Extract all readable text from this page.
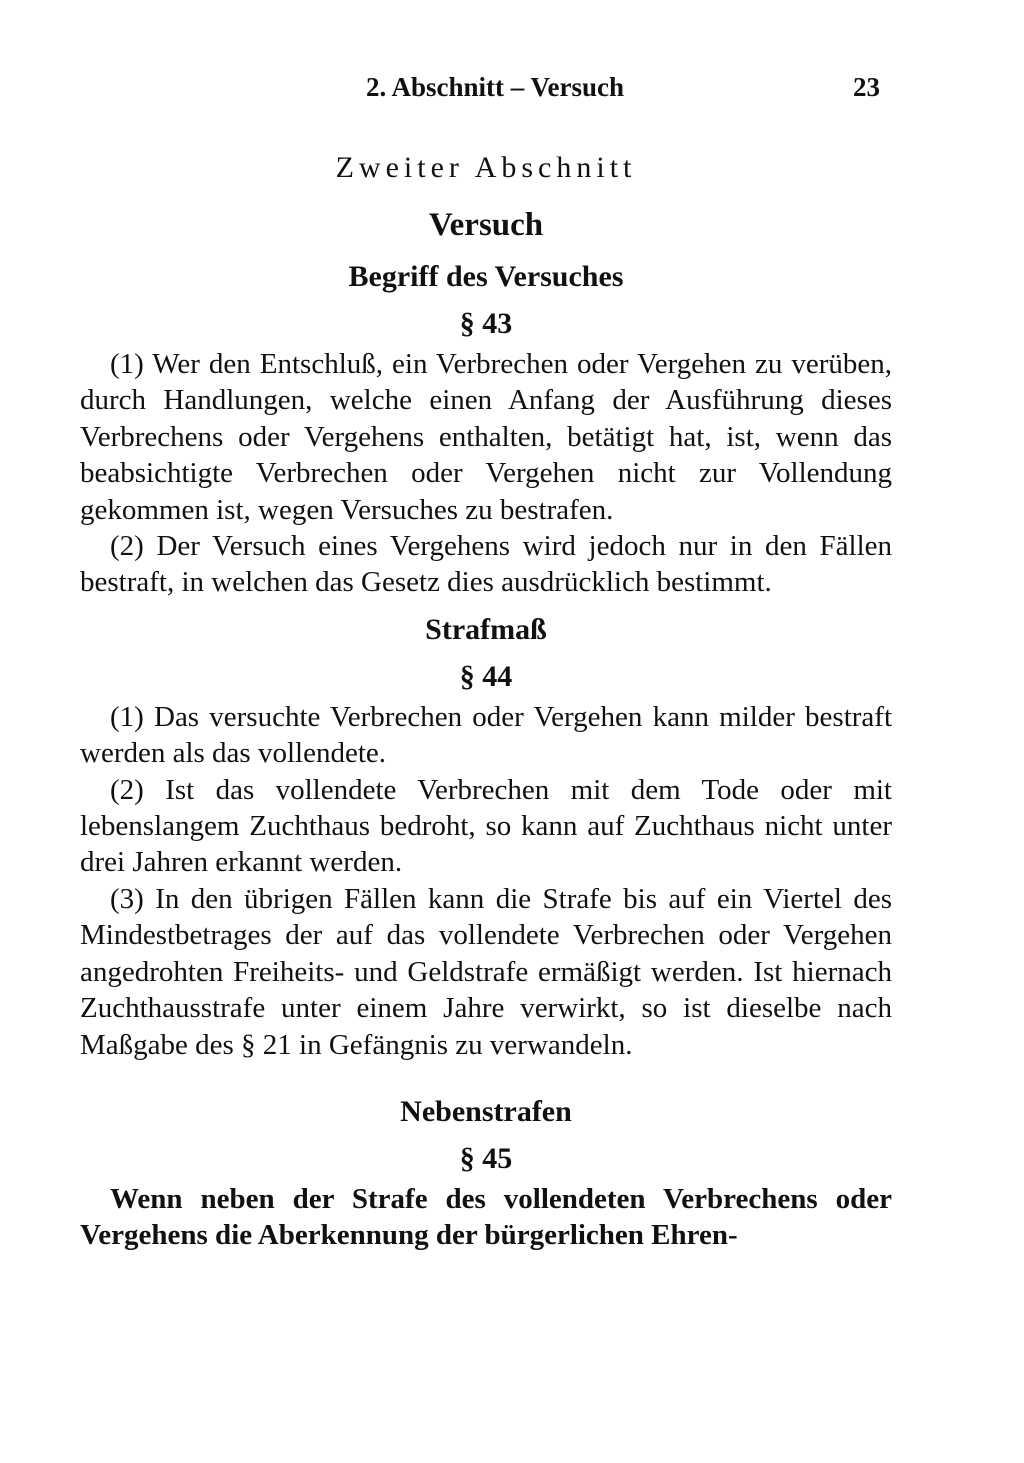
2. Abschnitt – Versuch	23
Zweiter Abschnitt
Versuch
Begriff des Versuches
§ 43

(1) Wer den Entschluß, ein Verbrechen oder Vergehen zu verüben, durch Handlungen, welche einen Anfang der Ausführung dieses Verbrechens oder Vergehens enthalten, betätigt hat, ist, wenn das beabsichtigte Verbrechen oder Vergehen nicht zur Vollendung gekommen ist, wegen Versuches zu bestrafen.

(2) Der Versuch eines Vergehens wird jedoch nur in den Fällen bestraft, in welchen das Gesetz dies ausdrücklich bestimmt.

Strafmaß
§ 44

(1) Das versuchte Verbrechen oder Vergehen kann milder bestraft werden als das vollendete.

(2) Ist das vollendete Verbrechen mit dem Tode oder mit lebenslangem Zuchthaus bedroht, so kann auf Zuchthaus nicht unter drei Jahren erkannt werden.

(3) In den übrigen Fällen kann die Strafe bis auf ein Viertel des Mindestbetrages der auf das vollendete Verbrechen oder Vergehen angedrohten Freiheits- und Geldstrafe ermäßigt werden. Ist hiernach Zuchthausstrafe unter einem Jahre verwirkt, so ist dieselbe nach Maßgabe des § 21 in Gefängnis zu verwandeln.

Nebenstrafen
§ 45

Wenn neben der Strafe des vollendeten Verbrechens oder Vergehens die Aberkennung der bürgerlichen Ehren-
